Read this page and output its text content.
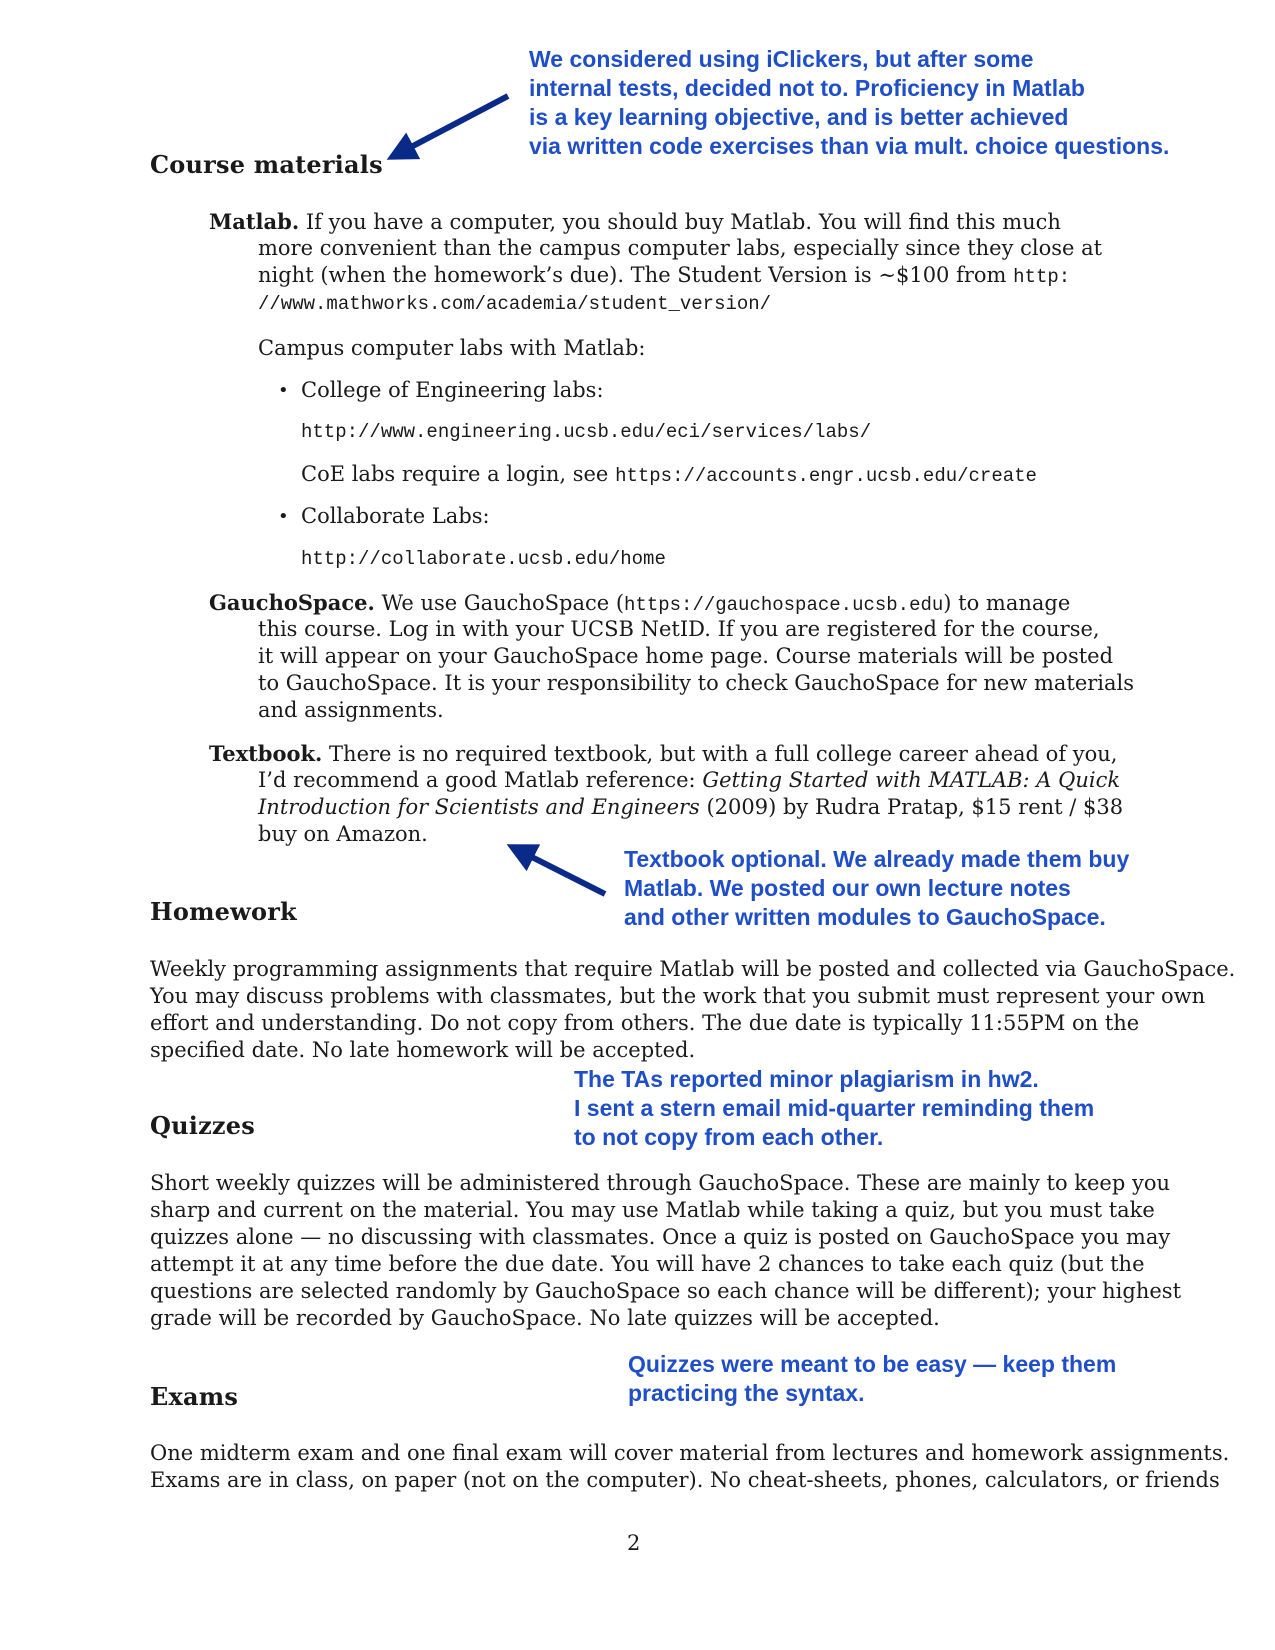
We considered using iClickers, but after some
internal tests, decided not to. Proficiency in Matlab
is a key learning objective, and is better achieved
via written code exercises than via mult. choice questions.
Course materials
Matlab. If you have a computer, you should buy Matlab. You will find this much
more convenient than the campus computer labs, especially since they close at
night (when the homework’s due). The Student Version is ∼$100 from http:
//www.mathworks.com/academia/student_version/
Campus computer labs with Matlab:
• College of Engineering labs:
http://www.engineering.ucsb.edu/eci/services/labs/
CoE labs require a login, see https://accounts.engr.ucsb.edu/create
• Collaborate Labs:
http://collaborate.ucsb.edu/home
GauchoSpace. We use GauchoSpace (https://gauchospace.ucsb.edu) to manage
this course. Log in with your UCSB NetID. If you are registered for the course,
it will appear on your GauchoSpace home page. Course materials will be posted
to GauchoSpace. It is your responsibility to check GauchoSpace for new materials
and assignments.
Textbook. There is no required textbook, but with a full college career ahead of you,
I’d recommend a good Matlab reference: Getting Started with MATLAB: A Quick
Introduction for Scientists and Engineers (2009) by Rudra Pratap, $15 rent / $38
buy on Amazon.
Textbook optional. We already made them buy
Matlab. We posted our own lecture notes
and other written modules to GauchoSpace.
Homework
Weekly programming assignments that require Matlab will be posted and collected via GauchoSpace.
You may discuss problems with classmates, but the work that you submit must represent your own
effort and understanding. Do not copy from others. The due date is typically 11:55PM on the
specified date. No late homework will be accepted.
The TAs reported minor plagiarism in hw2.
I sent a stern email mid-quarter reminding them
to not copy from each other.
Quizzes
Short weekly quizzes will be administered through GauchoSpace. These are mainly to keep you
sharp and current on the material. You may use Matlab while taking a quiz, but you must take
quizzes alone — no discussing with classmates. Once a quiz is posted on GauchoSpace you may
attempt it at any time before the due date. You will have 2 chances to take each quiz (but the
questions are selected randomly by GauchoSpace so each chance will be different); your highest
grade will be recorded by GauchoSpace. No late quizzes will be accepted.
Quizzes were meant to be easy — keep them
practicing the syntax.
Exams
One midterm exam and one final exam will cover material from lectures and homework assignments.
Exams are in class, on paper (not on the computer). No cheat-sheets, phones, calculators, or friends
2
